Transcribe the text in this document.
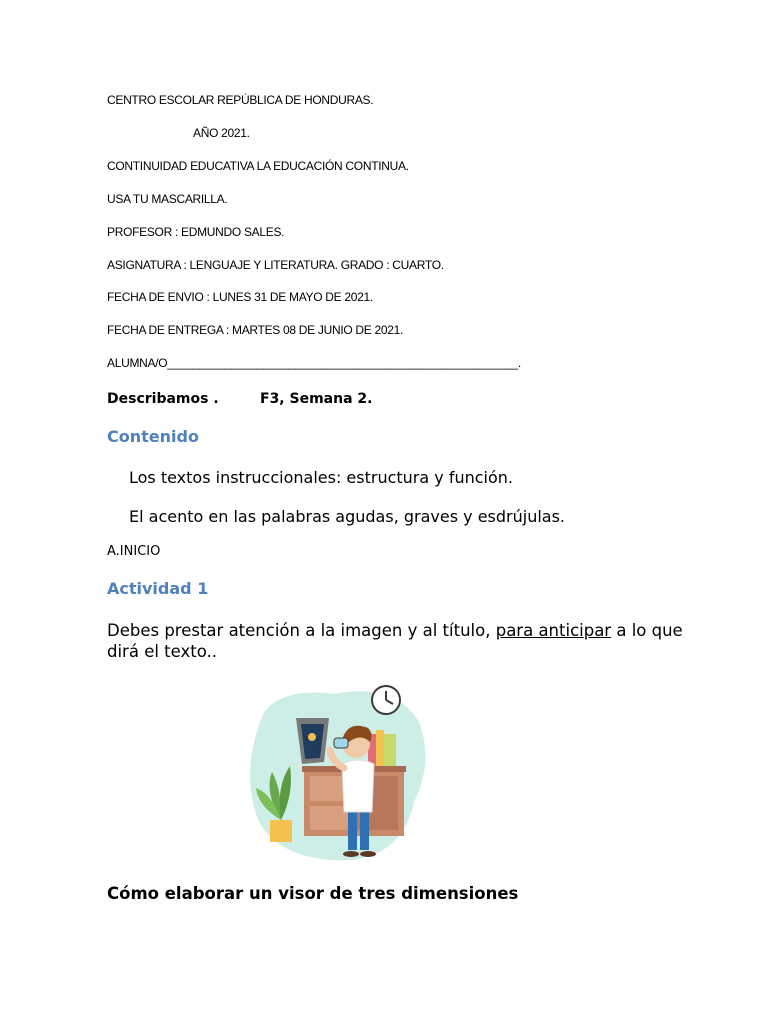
CENTRO ESCOLAR REPÚBLICA DE HONDURAS.
AÑO 2021.
CONTINUIDAD EDUCATIVA LA EDUCACIÓN CONTINUA.
USA TU MASCARILLA.
PROFESOR : EDMUNDO SALES.
ASIGNATURA : LENGUAJE Y LITERATURA. GRADO : CUARTO.
FECHA DE ENVIO : LUNES 31 DE MAYO DE 2021.
FECHA DE ENTREGA : MARTES 08 DE JUNIO DE 2021.
ALUMNA/O_______________________________________________________.
Describamos .	F3, Semana 2.
Contenido
Los textos instruccionales: estructura y función.
El acento en las palabras agudas, graves y esdrújulas.
A.INICIO
Actividad 1
Debes prestar atención a la imagen y al título, para anticipar a lo que dirá el texto..
Cómo elaborar un visor de tres dimensiones
